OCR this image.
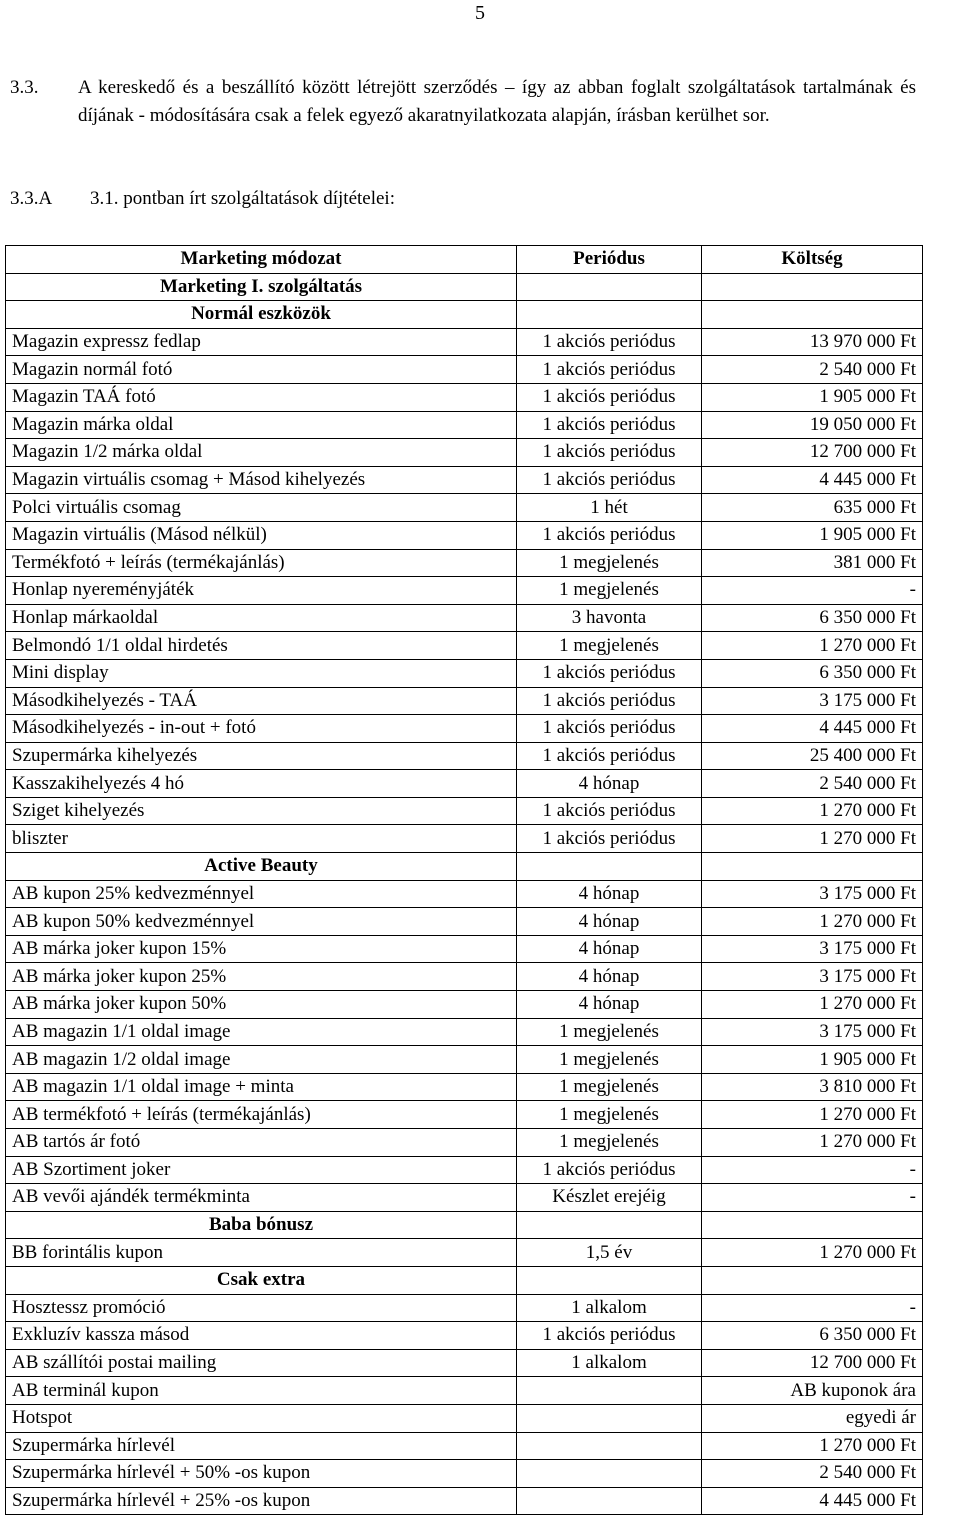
5
3.3. A kereskedő és a beszállító között létrejött szerződés – így az abban foglalt szolgáltatások tartalmának és díjának - módosítására csak a felek egyező akaratnyilatkozata alapján, írásban kerülhet sor.
3.3.A 3.1. pontban írt szolgáltatások díjtételei:
Marketing módozat	Periódus	Költség
Marketing I. szolgáltatás		
Normál eszközök		
Magazin expressz fedlap	1 akciós periódus	13 970 000 Ft
Magazin normál fotó	1 akciós periódus	2 540 000 Ft
Magazin TAÁ fotó	1 akciós periódus	1 905 000 Ft
Magazin márka oldal	1 akciós periódus	19 050 000 Ft
Magazin 1/2 márka oldal	1 akciós periódus	12 700 000 Ft
Magazin virtuális csomag + Másod kihelyezés	1 akciós periódus	4 445 000 Ft
Polci virtuális csomag	1 hét	635 000 Ft
Magazin virtuális (Másod nélkül)	1 akciós periódus	1 905 000 Ft
Termékfotó + leírás (termékajánlás)	1 megjelenés	381 000 Ft
Honlap nyereményjáték	1 megjelenés	-
Honlap márkaoldal	3 havonta	6 350 000 Ft
Belmondó 1/1 oldal hirdetés	1 megjelenés	1 270 000 Ft
Mini display	1 akciós periódus	6 350 000 Ft
Másodkihelyezés - TAÁ	1 akciós periódus	3 175 000 Ft
Másodkihelyezés - in-out + fotó	1 akciós periódus	4 445 000 Ft
Szupermárka kihelyezés	1 akciós periódus	25 400 000 Ft
Kasszakihelyezés 4 hó	4 hónap	2 540 000 Ft
Sziget kihelyezés	1 akciós periódus	1 270 000 Ft
bliszter	1 akciós periódus	1 270 000 Ft
Active Beauty		
AB kupon 25% kedvezménnyel	4 hónap	3 175 000 Ft
AB kupon 50% kedvezménnyel	4 hónap	1 270 000 Ft
AB márka joker kupon 15%	4 hónap	3 175 000 Ft
AB márka joker kupon 25%	4 hónap	3 175 000 Ft
AB márka joker kupon 50%	4 hónap	1 270 000 Ft
AB magazin 1/1 oldal image	1 megjelenés	3 175 000 Ft
AB magazin 1/2 oldal image	1 megjelenés	1 905 000 Ft
AB magazin 1/1 oldal image + minta	1 megjelenés	3 810 000 Ft
AB termékfotó + leírás (termékajánlás)	1 megjelenés	1 270 000 Ft
AB tartós ár fotó	1 megjelenés	1 270 000 Ft
AB Szortiment joker	1 akciós periódus	-
AB vevői ajándék termékminta	Készlet erejéig	-
Baba bónusz		
BB forintális kupon	1,5 év	1 270 000 Ft
Csak extra		
Hosztessz promóció	1 alkalom	-
Exkluzív kassza másod	1 akciós periódus	6 350 000 Ft
AB szállítói postai mailing	1 alkalom	12 700 000 Ft
AB terminál kupon		AB kuponok ára
Hotspot		egyedi ár
Szupermárka hírlevél		1 270 000 Ft
Szupermárka hírlevél + 50% -os kupon		2 540 000 Ft
Szupermárka hírlevél + 25% -os kupon		4 445 000 Ft
